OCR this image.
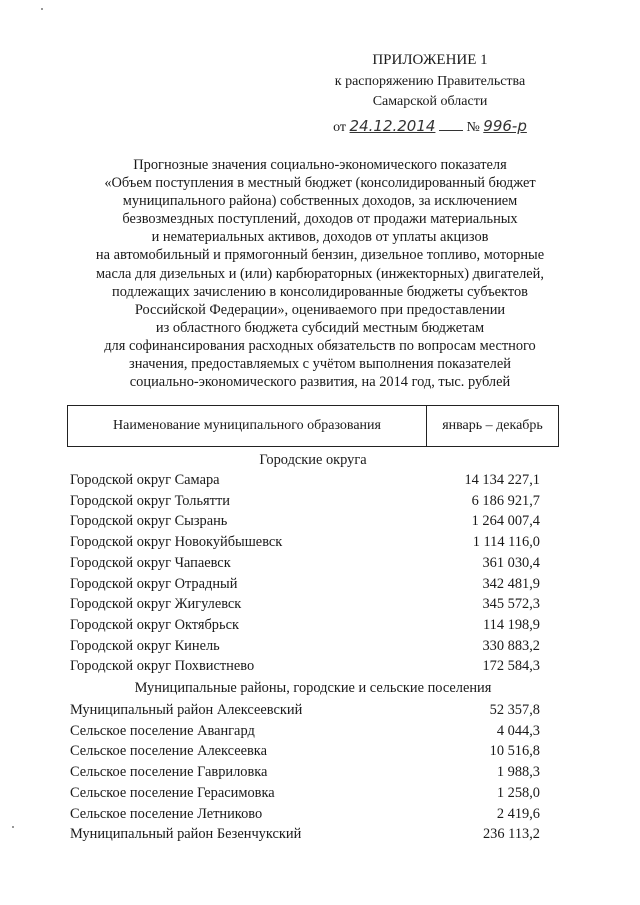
ПРИЛОЖЕНИЕ 1
к распоряжению Правительства
Самарской области
от 24.12.2014 № 996-р
Прогнозные значения социально-экономического показателя
«Объем поступления в местный бюджет (консолидированный бюджет
муниципального района) собственных доходов, за исключением
безвозмездных поступлений, доходов от продажи материальных
и нематериальных активов, доходов от уплаты акцизов
на автомобильный и прямогонный бензин, дизельное топливо, моторные
масла для дизельных и (или) карбюраторных (инжекторных) двигателей,
подлежащих зачислению в консолидированные бюджеты субъектов
Российской Федерации», оцениваемого при предоставлении
из областного бюджета субсидий местным бюджетам
для софинансирования расходных обязательств по вопросам местного
значения, предоставляемых с учётом выполнения показателей
социально-экономического развития, на 2014 год, тыс. рублей
Наименование муниципального образования	январь – декабрь
Городские округа
Городской округ Самара	14 134 227,1
Городской округ Тольятти	6 186 921,7
Городской округ Сызрань	1 264 007,4
Городской округ Новокуйбышевск	1 114 116,0
Городской округ Чапаевск	361 030,4
Городской округ Отрадный	342 481,9
Городской округ Жигулевск	345 572,3
Городской округ Октябрьск	114 198,9
Городской округ Кинель	330 883,2
Городской округ Похвистнево	172 584,3
Муниципальные районы, городские и сельские поселения
Муниципальный район Алексеевский	52 357,8
Сельское поселение Авангард	4 044,3
Сельское поселение Алексеевка	10 516,8
Сельское поселение Гавриловка	1 988,3
Сельское поселение Герасимовка	1 258,0
Сельское поселение Летниково	2 419,6
Муниципальный район Безенчукский	236 113,2
